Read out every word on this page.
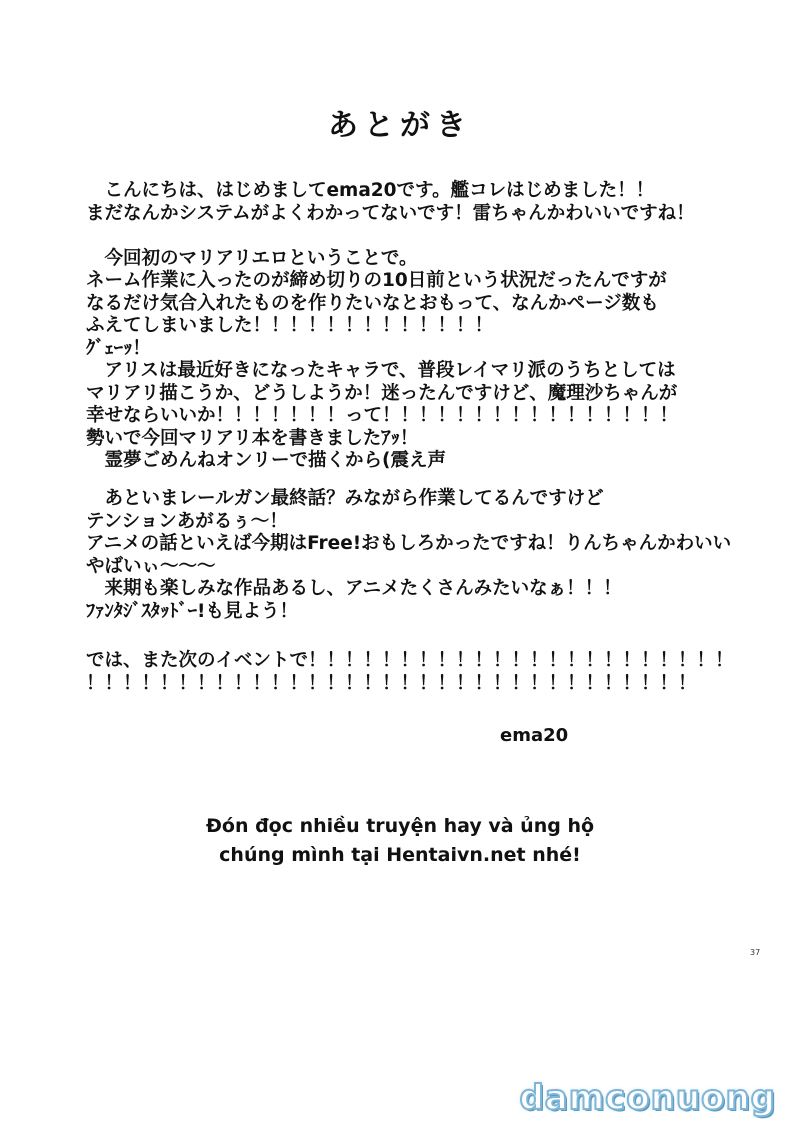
あとがき
　こんにちは、はじめましてema20です。艦コレはじめました！！
まだなんかシステムがよくわかってないです！雷ちゃんかわいいですね！
　今回初のマリアリエロということで。
ネーム作業に入ったのが締め切りの10日前という状況だったんですが
なるだけ気合入れたものを作りたいなとおもって、なんかページ数も
ふえてしまいました！！！！！！！！！！！！！
ｸﾞｪｰｯ！
　アリスは最近好きになったキャラで、普段レイマリ派のうちとしては
マリアリ描こうか、どうしようか！迷ったんですけど、魔理沙ちゃんが
幸せならいいか！！！！！！！って！！！！！！！！！！！！！！！！
勢いで今回マリアリ本を書きましたｱｯ！
　霊夢ごめんねオンリーで描くから(震え声
　あといまレールガン最終話？みながら作業してるんですけど
テンションあがるぅ～！
アニメの話といえば今期はFree!おもしろかったですね！りんちゃんかわいい
やばいぃ～～～
　来期も楽しみな作品あるし、アニメたくさんみたいなぁ！！！
ﾌｧﾝﾀｼﾞｽﾀｯﾄﾞｰ!も見よう！
では、また次のイベントで！！！！！！！！！！！！！！！！！！！！！！！
！！！！！！！！！！！！！！！！！！！！！！！！！！！！！！！！！
ema20
Đón đọc nhiều truyện hay và ủng hộ
chúng mình tại Hentaivn.net nhé!
37
damconuong
